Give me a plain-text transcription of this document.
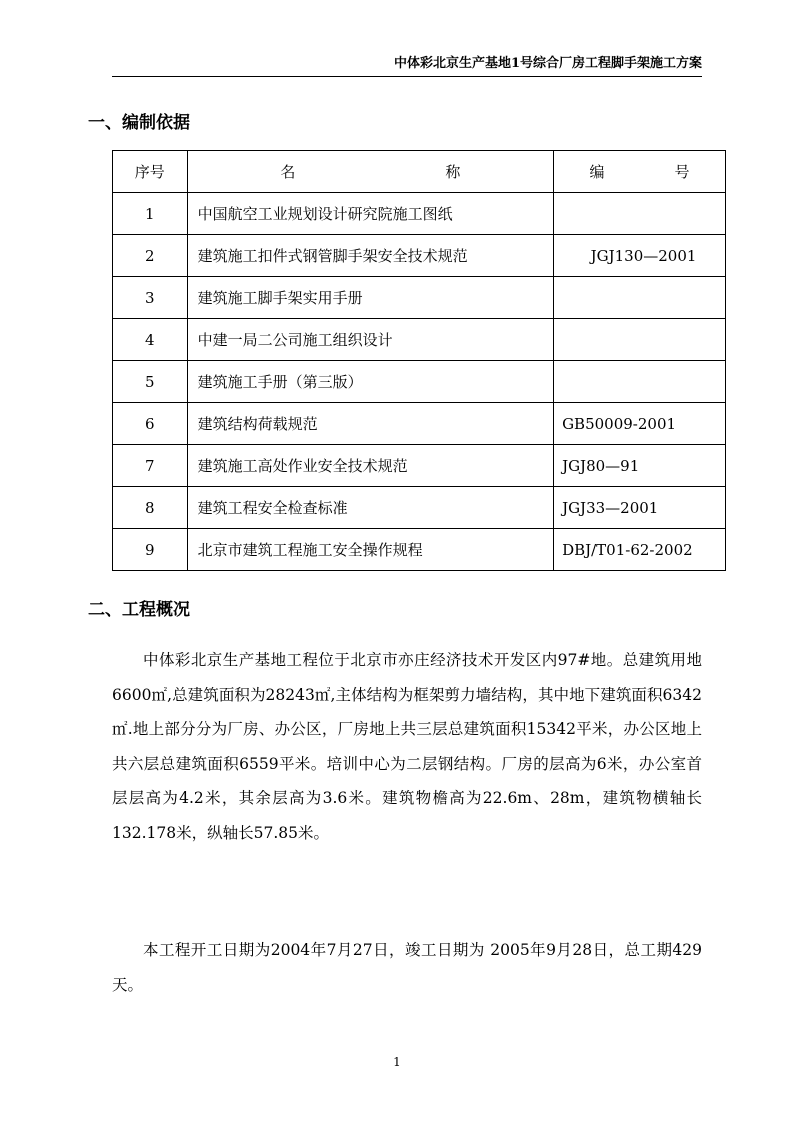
中体彩北京生产基地1号综合厂房工程脚手架施工方案
一、编制依据
序号	名 称	编 号
1	中国航空工业规划设计研究院施工图纸	
2	建筑施工扣件式钢管脚手架安全技术规范	JGJ130—2001
3	建筑施工脚手架实用手册	
4	中建一局二公司施工组织设计	
5	建筑施工手册（第三版）	
6	建筑结构荷载规范	GB50009-2001
7	建筑施工高处作业安全技术规范	JGJ80—91
8	建筑工程安全检查标准	JGJ33—2001
9	北京市建筑工程施工安全操作规程	DBJ/T01-62-2002
二、工程概况
中体彩北京生产基地工程位于北京市亦庄经济技术开发区内97#地。总建筑用地6600㎡,总建筑面积为28243㎡,主体结构为框架剪力墙结构，其中地下建筑面积6342㎡.地上部分分为厂房、办公区，厂房地上共三层总建筑面积15342平米，办公区地上共六层总建筑面积6559平米。培训中心为二层钢结构。厂房的层高为6米，办公室首层层高为4.2米，其余层高为3.6米。建筑物檐高为22.6m、28m，建筑物横轴长132.178米，纵轴长57.85米。
本工程开工日期为2004年7月27日，竣工日期为 2005年9月28日，总工期429天。
1
